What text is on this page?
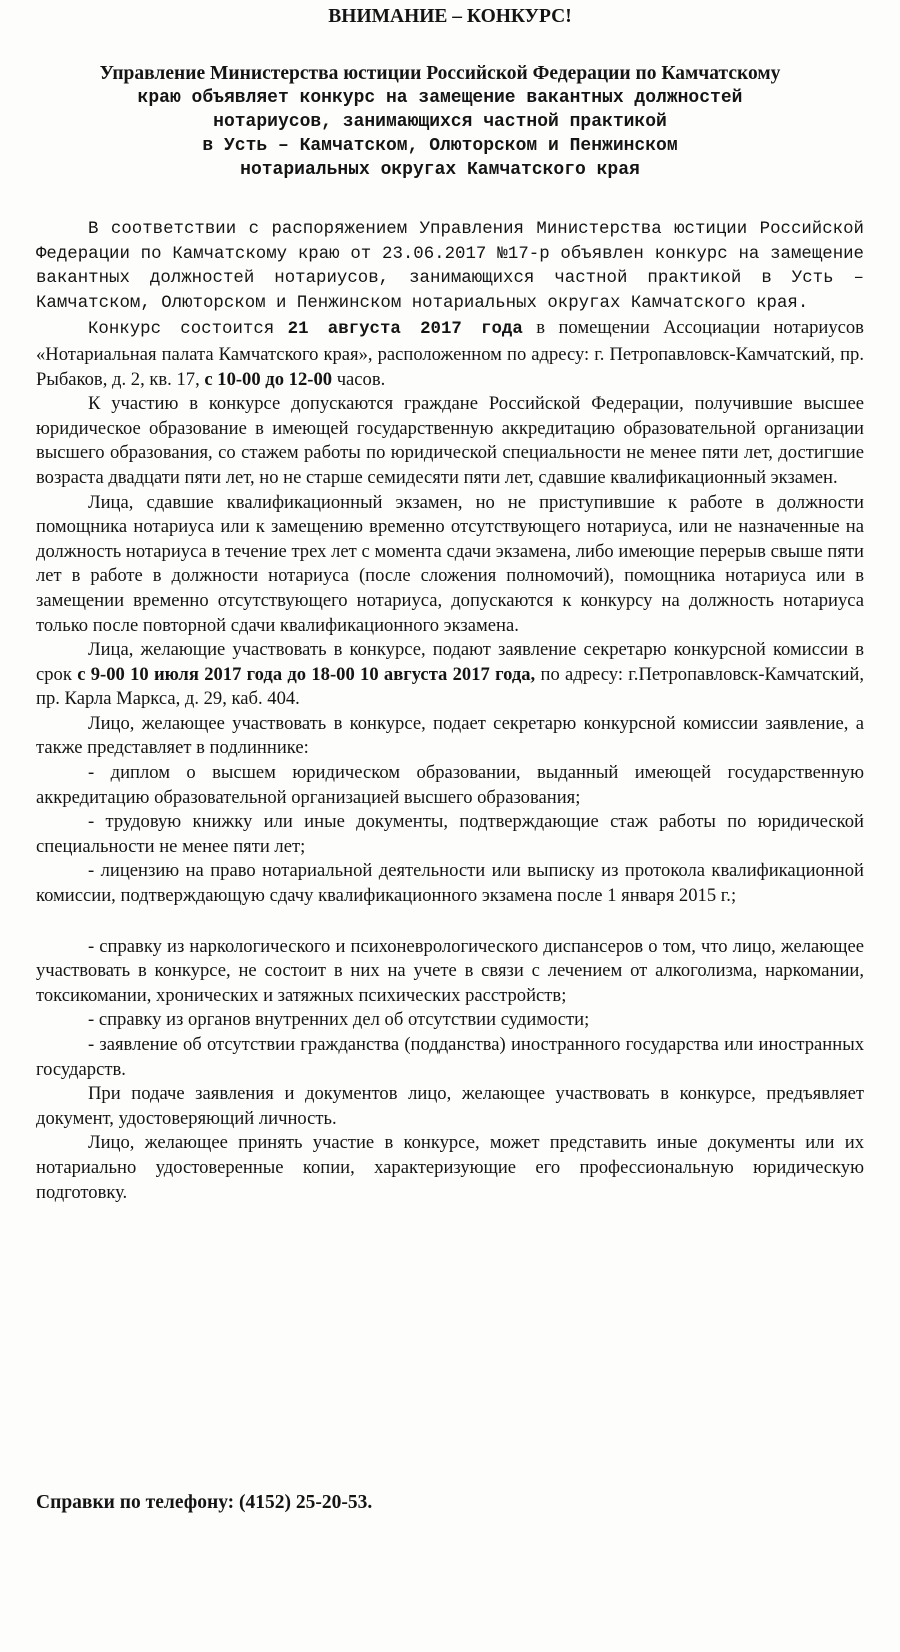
ВНИМАНИЕ – КОНКУРС!
Управление Министерства юстиции Российской Федерации по Камчатскому
краю объявляет конкурс на замещение вакантных должностей
нотариусов, занимающихся частной практикой
в Усть – Камчатском, Олюторском и Пенжинском
нотариальных округах Камчатского края

В соответствии с распоряжением Управления Министерства юстиции Российской Федерации по Камчатскому краю от 23.06.2017 №17-р объявлен конкурс на замещение вакантных должностей нотариусов, занимающихся частной практикой в Усть – Камчатском, Олюторском и Пенжинском нотариальных округах Камчатского края.

Конкурс состоится 21 августа 2017 года в помещении Ассоциации нотариусов «Нотариальная палата Камчатского края», расположенном по адресу: г. Петропавловск-Камчатский, пр. Рыбаков, д. 2, кв. 17, с 10-00 до 12-00 часов.

К участию в конкурсе допускаются граждане Российской Федерации, получившие высшее юридическое образование в имеющей государственную аккредитацию образовательной организации высшего образования, со стажем работы по юридической специальности не менее пяти лет, достигшие возраста двадцати пяти лет, но не старше семидесяти пяти лет, сдавшие квалификационный экзамен.

Лица, сдавшие квалификационный экзамен, но не приступившие к работе в должности помощника нотариуса или к замещению временно отсутствующего нотариуса, или не назначенные на должность нотариуса в течение трех лет с момента сдачи экзамена, либо имеющие перерыв свыше пяти лет в работе в должности нотариуса (после сложения полномочий), помощника нотариуса или в замещении временно отсутствующего нотариуса, допускаются к конкурсу на должность нотариуса только после повторной сдачи квалификационного экзамена.

Лица, желающие участвовать в конкурсе, подают заявление секретарю конкурсной комиссии в срок с 9-00 10 июля 2017 года до 18-00 10 августа 2017 года, по адресу: г.Петропавловск-Камчатский, пр. Карла Маркса, д. 29, каб. 404.

Лицо, желающее участвовать в конкурсе, подает секретарю конкурсной комиссии заявление, а также представляет в подлиннике:

- диплом о высшем юридическом образовании, выданный имеющей государственную аккредитацию образовательной организацией высшего образования;

- трудовую книжку или иные документы, подтверждающие стаж работы по юридической специальности не менее пяти лет;

- лицензию на право нотариальной деятельности или выписку из протокола квалификационной комиссии, подтверждающую сдачу квалификационного экзамена после 1 января 2015 г.;

- справку из наркологического и психоневрологического диспансеров о том, что лицо, желающее участвовать в конкурсе, не состоит в них на учете в связи с лечением от алкоголизма, наркомании, токсикомании, хронических и затяжных психических расстройств;

- справку из органов внутренних дел об отсутствии судимости;

- заявление об отсутствии гражданства (подданства) иностранного государства или иностранных государств.

При подаче заявления и документов лицо, желающее участвовать в конкурсе, предъявляет документ, удостоверяющий личность.

Лицо, желающее принять участие в конкурсе, может представить иные документы или их нотариально удостоверенные копии, характеризующие его профессиональную юридическую подготовку.

Справки по телефону: (4152) 25-20-53.
